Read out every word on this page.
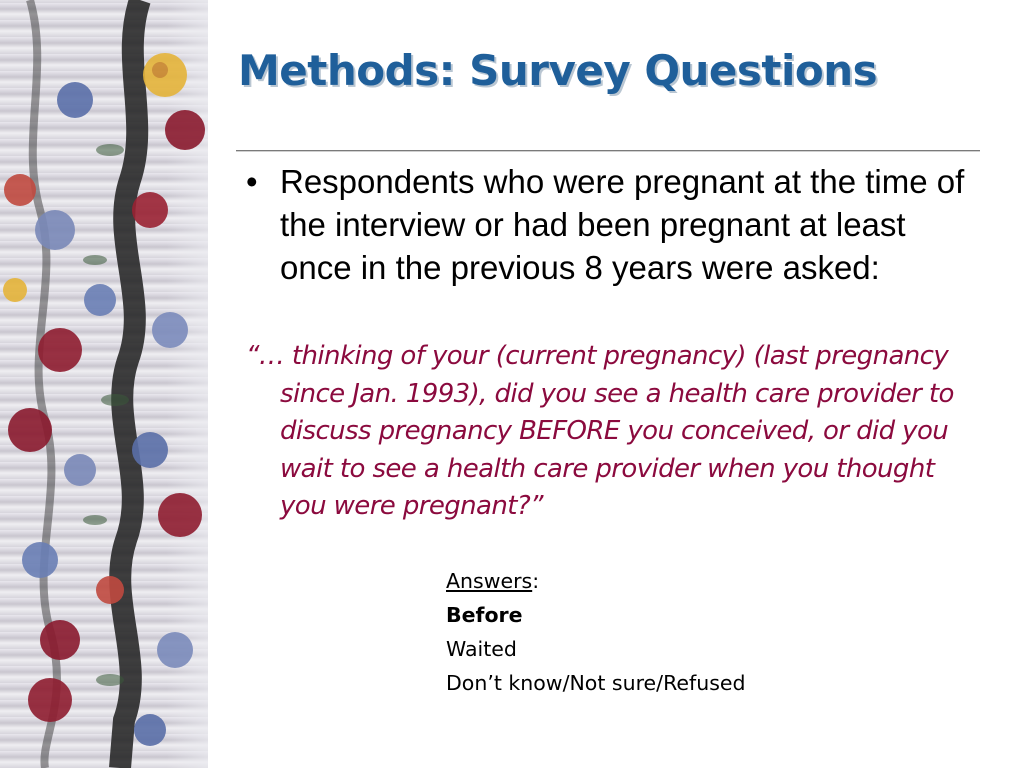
Methods: Survey Questions
• Respondents who were pregnant at the time of the interview or had been pregnant at least once in the previous 8 years were asked:
“… thinking of your (current pregnancy) (last pregnancy since Jan. 1993), did you see a health care provider to discuss pregnancy BEFORE you conceived, or did you wait to see a health care provider when you thought you were pregnant?”
Answers:
Before
Waited
Don’t know/Not sure/Refused
